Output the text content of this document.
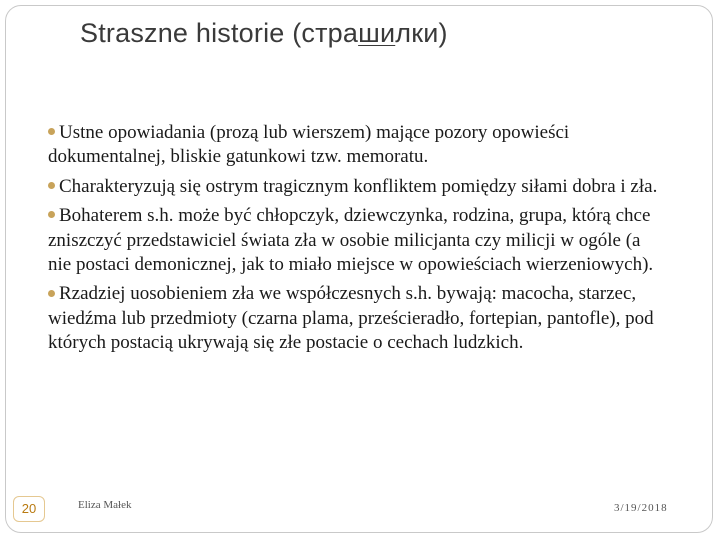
Straszne historie (страшилки)

Ustne opowiadania (prozą lub wierszem) mające pozory opowieści dokumentalnej, bliskie gatunkowi tzw. memoratu.

Charakteryzują się ostrym tragicznym konfliktem pomiędzy siłami dobra i zła.

Bohaterem s.h. może być chłopczyk, dziewczynka, rodzina, grupa, którą chce zniszczyć przedstawiciel świata zła w osobie milicjanta czy milicji w ogóle (a nie postaci demonicznej, jak to miało miejsce w opowieściach wierzeniowych).

Rzadziej uosobieniem zła we współczesnych s.h. bywają: macocha, starzec, wiedźma lub przedmioty (czarna plama, prześcieradło, fortepian, pantofle), pod których postacią ukrywają się złe postacie o cechach ludzkich.

20	Eliza Małek	3/19/2018
